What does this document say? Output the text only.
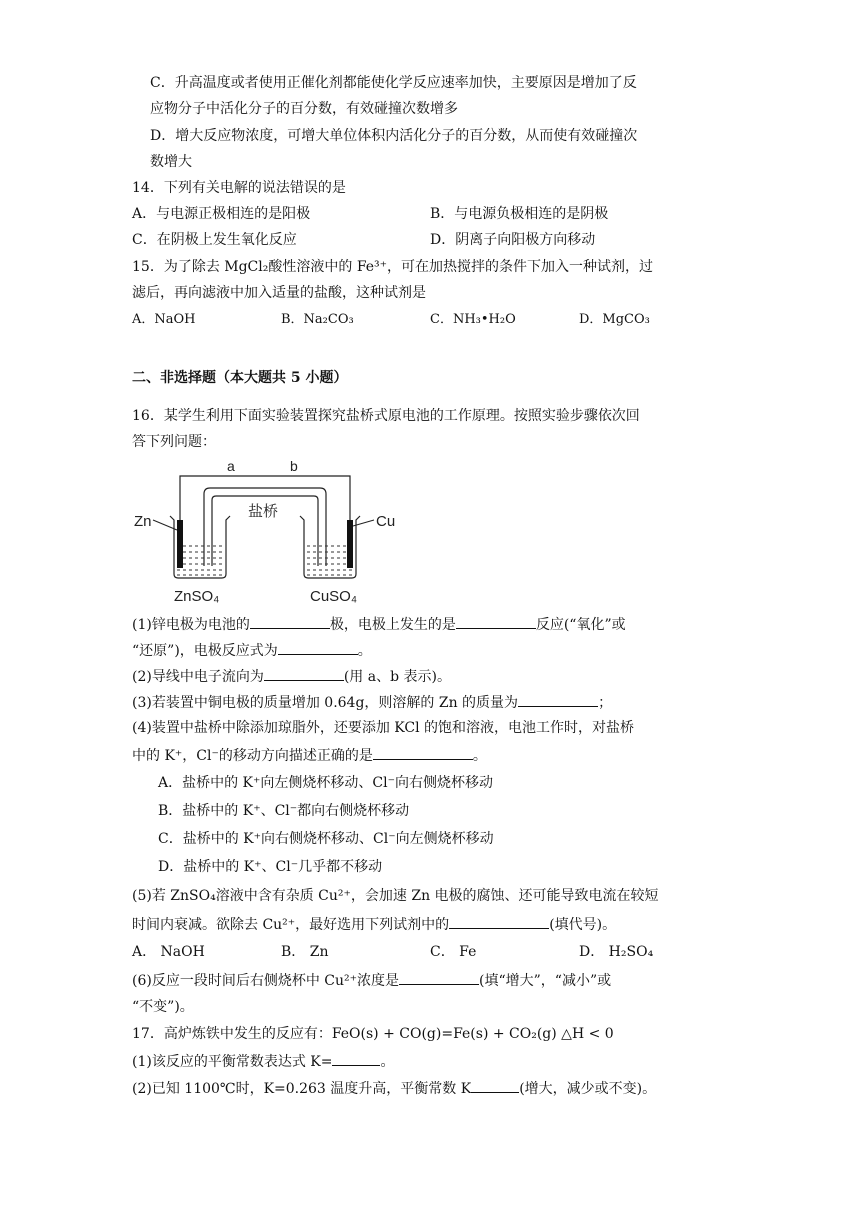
C．升高温度或者使用正催化剂都能使化学反应速率加快，主要原因是增加了反
应物分子中活化分子的百分数，有效碰撞次数增多
D．增大反应物浓度，可增大单位体积内活化分子的百分数，从而使有效碰撞次
数增大
14．下列有关电解的说法错误的是
A．与电源正极相连的是阳极	B．与电源负极相连的是阴极
C．在阴极上发生氧化反应	D．阴离子向阳极方向移动
15．为了除去 MgCl₂酸性溶液中的 Fe³⁺，可在加热搅拌的条件下加入一种试剂，过
滤后，再向滤液中加入适量的盐酸，这种试剂是
A．NaOH	B．Na₂CO₃	C．NH₃•H₂O	D．MgCO₃
二、非选择题（本大题共 5 小题）
16．某学生利用下面实验装置探究盐桥式原电池的工作原理。按照实验步骤依次回
答下列问题：
a	b
盐桥
Zn
ZnSO₄
Cu
CuSO₄
(1)锌电极为电池的	极，电极上发生的是	反应(“氧化”或
“还原”)，电极反应式为	。
(2)导线中电子流向为	(用 a、b 表示)。
(3)若装置中铜电极的质量增加 0.64g，则溶解的 Zn 的质量为	；
(4)装置中盐桥中除添加琼脂外，还要添加 KCl 的饱和溶液，电池工作时，对盐桥
中的 K⁺，Cl⁻的移动方向描述正确的是	。
A．盐桥中的 K⁺向左侧烧杯移动、Cl⁻向右侧烧杯移动
B．盐桥中的 K⁺、Cl⁻都向右侧烧杯移动
C．盐桥中的 K⁺向右侧烧杯移动、Cl⁻向左侧烧杯移动
D．盐桥中的 K⁺、Cl⁻几乎都不移动
(5)若 ZnSO₄溶液中含有杂质 Cu²⁺，会加速 Zn 电极的腐蚀、还可能导致电流在较短
时间内衰减。欲除去 Cu²⁺，最好选用下列试剂中的	(填代号)。
A． NaOH	B． Zn	C． Fe	D． H₂SO₄
(6)反应一段时间后右侧烧杯中 Cu²⁺浓度是	(填“增大”，“减小”或
“不变”)。
17．高炉炼铁中发生的反应有：FeO(s) + CO(g)=Fe(s) + CO₂(g) △H < 0
(1)该反应的平衡常数表达式 K=	。
(2)已知 1100℃时，K=0.263 温度升高，平衡常数 K	(增大，减少或不变)。
